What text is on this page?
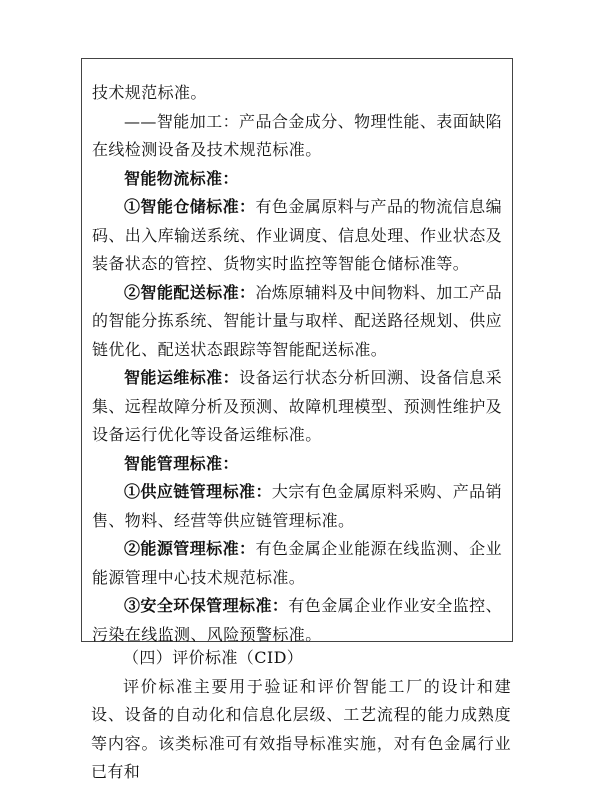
技术规范标准。

——智能加工：产品合金成分、物理性能、表面缺陷在线检测设备及技术规范标准。

智能物流标准：

①智能仓储标准：有色金属原料与产品的物流信息编码、出入库输送系统、作业调度、信息处理、作业状态及装备状态的管控、货物实时监控等智能仓储标准等。

②智能配送标准：冶炼原辅料及中间物料、加工产品的智能分拣系统、智能计量与取样、配送路径规划、供应链优化、配送状态跟踪等智能配送标准。

智能运维标准：设备运行状态分析回溯、设备信息采集、远程故障分析及预测、故障机理模型、预测性维护及设备运行优化等设备运维标准。

智能管理标准：

①供应链管理标准：大宗有色金属原料采购、产品销售、物料、经营等供应链管理标准。

②能源管理标准：有色金属企业能源在线监测、企业能源管理中心技术规范标准。

③安全环保管理标准：有色金属企业作业安全监控、污染在线监测、风险预警标准。

（四）评价标准（CID）

评价标准主要用于验证和评价智能工厂的设计和建设、设备的自动化和信息化层级、工艺流程的能力成熟度等内容。该类标准可有效指导标准实施，对有色金属行业已有和
